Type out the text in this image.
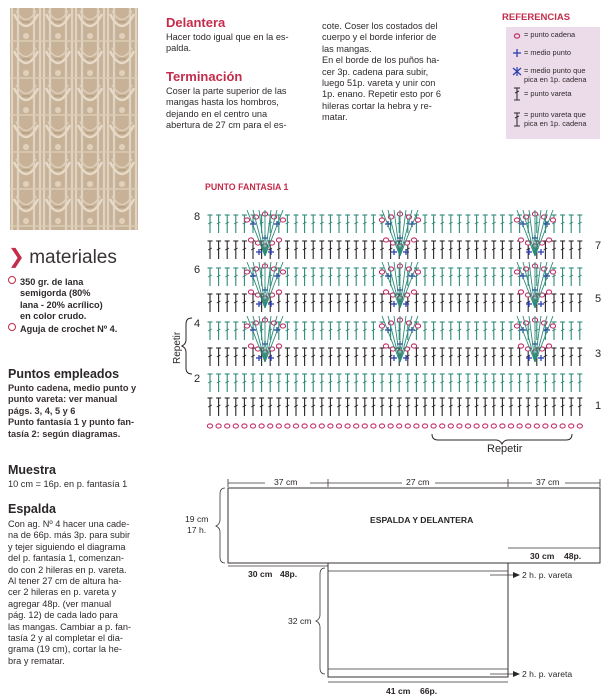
❯ materiales
350 gr. de lana
semigorda (80%
lana - 20% acrílico)
en color crudo.
Aguja de crochet Nº 4.
Puntos empleados
Punto cadena, medio punto y
punto vareta: ver manual
págs. 3, 4, 5 y 6
Punto fantasía 1 y punto fan-
tasía 2: según diagramas.
Muestra
10 cm = 16p. en p. fantasía 1
Espalda
Con ag. Nº 4 hacer una cade-
na de 66p. más 3p. para subir
y tejer siguiendo el diagrama
del p. fantasía 1, comenzan-
do con 2 hileras en p. vareta.
Al tener 27 cm de altura ha-
cer 2 hileras en p. vareta y
agregar 48p. (ver manual
pág. 12) de cada lado para
las mangas. Cambiar a p. fan-
tasía 2 y al completar el dia-
grama (19 cm), cortar la he-
bra y rematar.
Delantera
Hacer todo igual que en la es-
palda.
Terminación
Coser la parte superior de las
mangas hasta los hombros,
dejando en el centro una
abertura de 27 cm para el es-
cote. Coser los costados del
cuerpo y el borde inferior de
las mangas.
En el borde de los puños ha-
cer 3p. cadena para subir,
luego 51p. vareta y unir con
1p. enano. Repetir esto por 6
hileras cortar la hebra y re-
matar.
REFERENCIAS
= punto cadena
= medio punto
= medio punto que
pica en 1p. cadena
= punto vareta
= punto vareta que
pica en 1p. cadena
PUNTO FANTASIA 1
8
6
4
2
7
5
3
1
Repetir
Repetir
37 cm	27 cm	37 cm
19 cm
17 h.
ESPALDA Y DELANTERA
30 cm 48p.
30 cm 48p.	2 h. p. vareta
2 h. p. vareta
32 cm
41 cm 66p.
